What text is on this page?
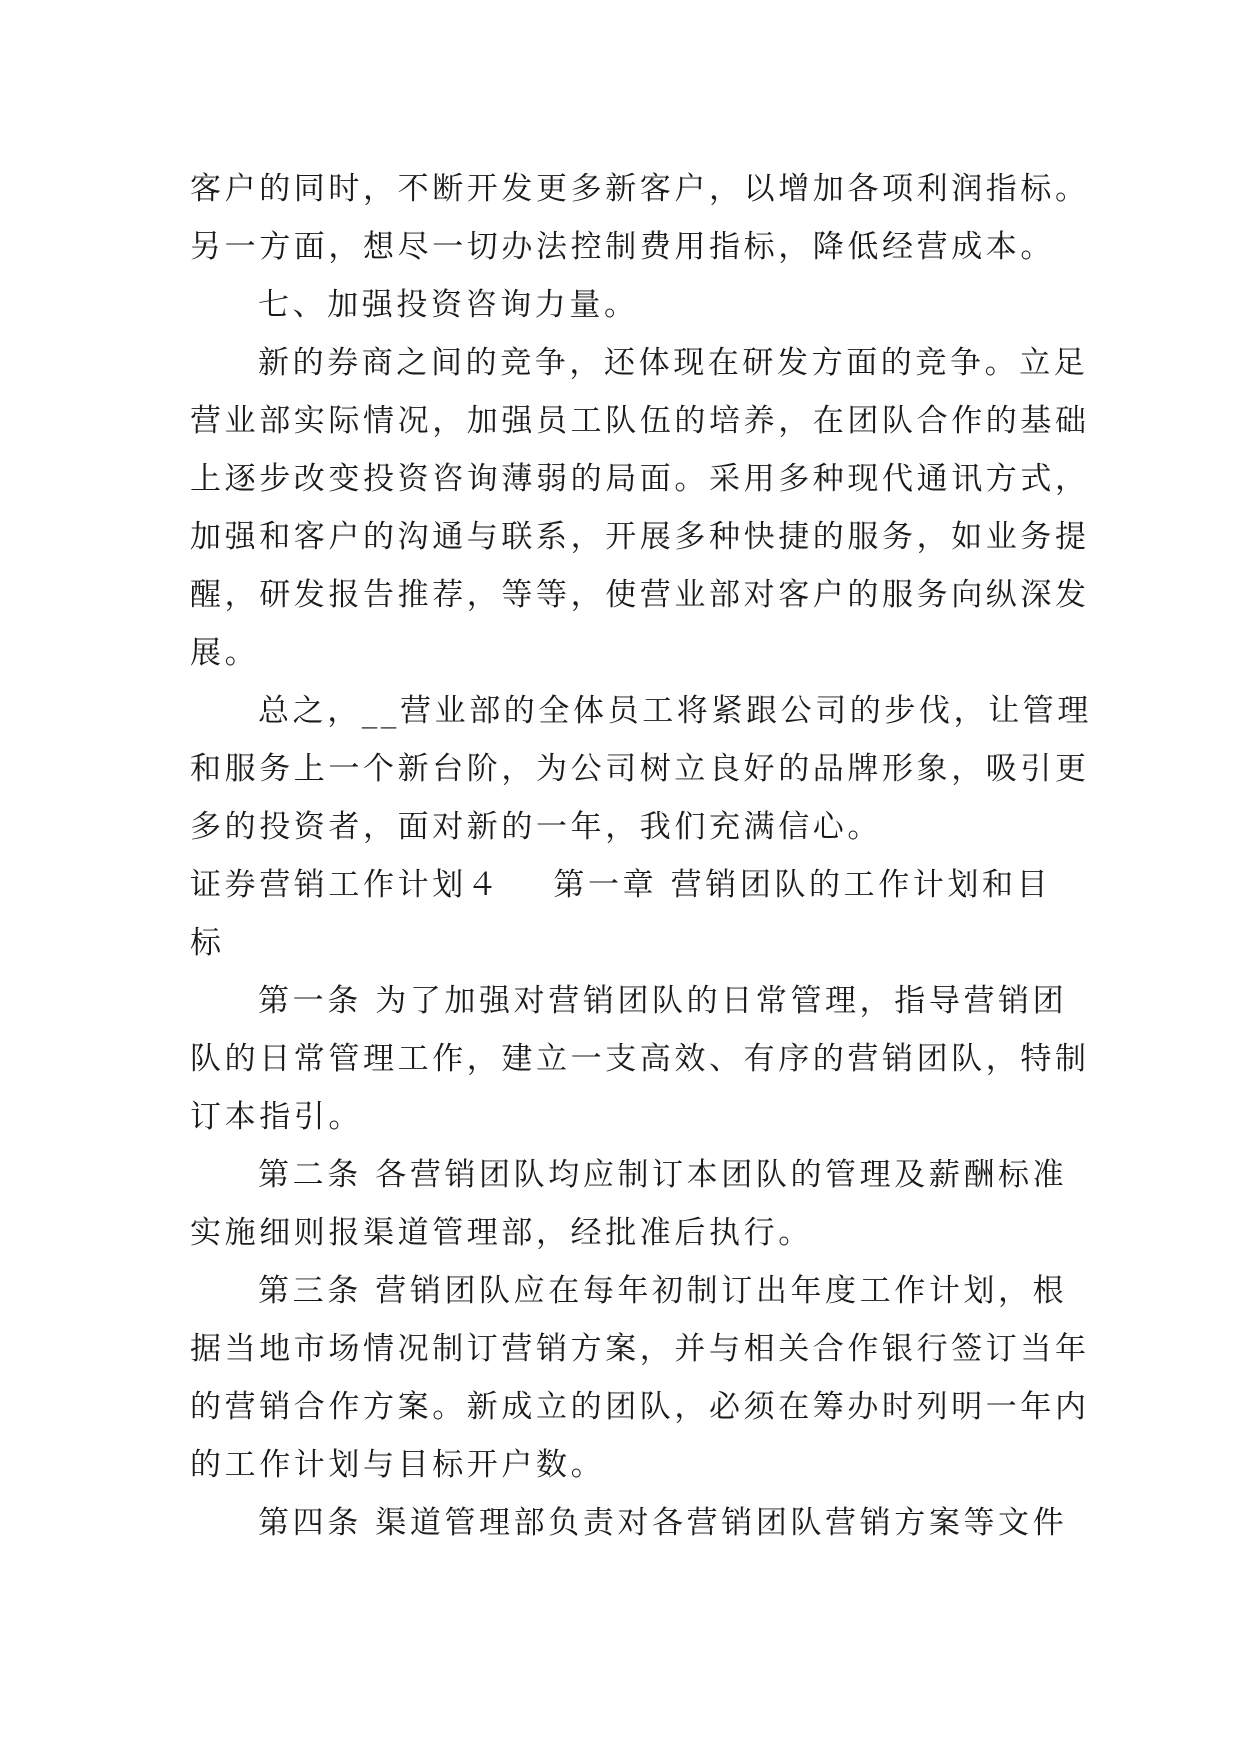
客户的同时，不断开发更多新客户，以增加各项利润指标。
另一方面，想尽一切办法控制费用指标，降低经营成本。
七、加强投资咨询力量。
新的券商之间的竞争，还体现在研发方面的竞争。立足
营业部实际情况，加强员工队伍的培养，在团队合作的基础
上逐步改变投资咨询薄弱的局面。采用多种现代通讯方式，
加强和客户的沟通与联系，开展多种快捷的服务，如业务提
醒，研发报告推荐，等等，使营业部对客户的服务向纵深发
展。
总之，__营业部的全体员工将紧跟公司的步伐，让管理
和服务上一个新台阶，为公司树立良好的品牌形象，吸引更
多的投资者，面对新的一年，我们充满信心。
证券营销工作计划４ 第一章 营销团队的工作计划和目
标
第一条 为了加强对营销团队的日常管理，指导营销团
队的日常管理工作，建立一支高效、有序的营销团队，特制
订本指引。
第二条 各营销团队均应制订本团队的管理及薪酬标准
实施细则报渠道管理部，经批准后执行。
第三条 营销团队应在每年初制订出年度工作计划，根
据当地市场情况制订营销方案，并与相关合作银行签订当年
的营销合作方案。新成立的团队，必须在筹办时列明一年内
的工作计划与目标开户数。
第四条 渠道管理部负责对各营销团队营销方案等文件
